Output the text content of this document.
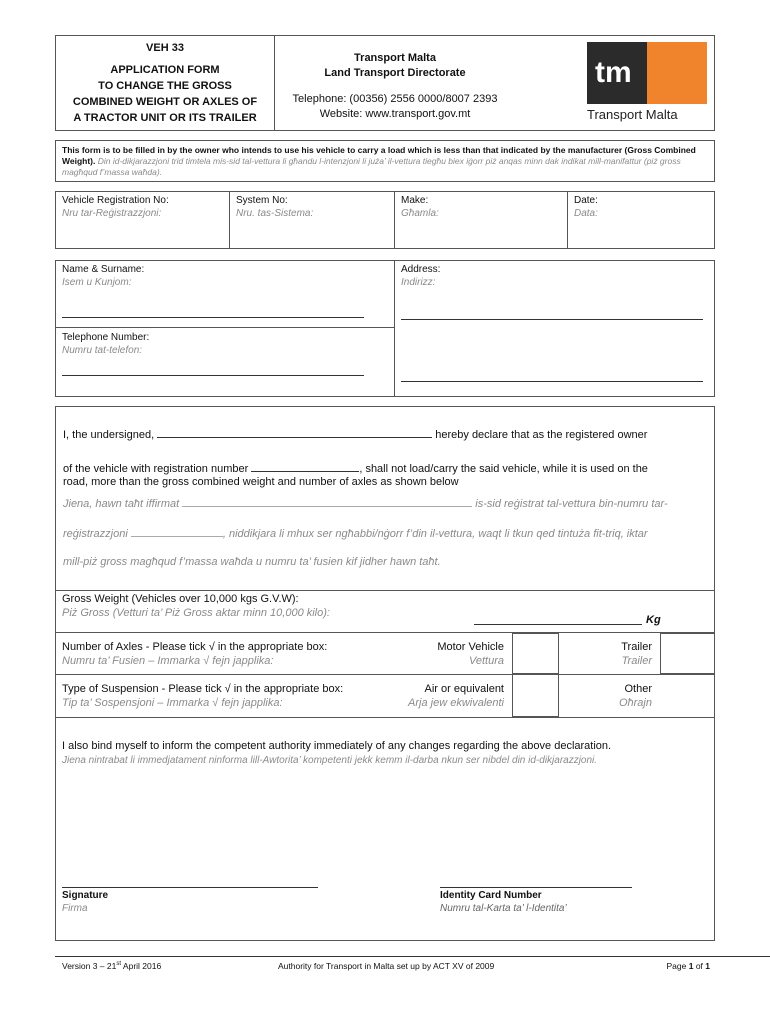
VEH 33
APPLICATION FORM
TO CHANGE THE GROSS
COMBINED WEIGHT OR AXLES OF
A TRACTOR UNIT OR ITS TRAILER
Transport Malta
Land Transport Directorate
Telephone: (00356) 2556 0000/8007 2393
Website: www.transport.gov.mt
tm
Transport Malta
This form is to be filled in by the owner who intends to use his vehicle to carry a load which is less than that indicated by the manufacturer (Gross Combined Weight). Din id-dikjarazzjoni trid timtela mis-sid tal-vettura li għandu l-intenzjoni li juża’ il-vettura tiegħu biex iġorr piż anqas minn dak indikat mill-manifattur (piż gross magħqud f’massa waħda).
Vehicle Registration No:
Nru tar-Reġistrazzjoni:
System No:
Nru. tas-Sistema:
Make:
Għamla:
Date:
Data:
Name & Surname:
Isem u Kunjom:
Telephone Number:
Numru tat-telefon:
Address:
Indirizz:
I, the undersigned,	hereby declare that as the registered owner
of the vehicle with registration number	, shall not load/carry the said vehicle, while it is used on the
road, more than the gross combined weight and number of axles as shown below
Jiena, hawn taħt iffirmat	is-sid reġistrat tal-vettura bin-numru tar-
reġistrazzjoni	, niddikjara li mhux ser ngħabbi/nġorr f’din il-vettura, waqt li tkun qed tintuża fit-triq, iktar
mill-piż gross magħqud f’massa waħda u numru ta’ fusien kif jidher hawn taħt.
Gross Weight (Vehicles over 10,000 kgs G.V.W):
Piż Gross (Vetturi ta’ Piż Gross aktar minn 10,000 kilo):
Kg
Number of Axles - Please tick √ in the appropriate box:
Numru ta’ Fusien – Immarka √ fejn japplika:
Motor Vehicle
Vettura
Trailer
Trailer
Type of Suspension - Please tick √ in the appropriate box:
Tip ta’ Sospensjoni – Immarka √ fejn japplika:
Air or equivalent
Arja jew ekwivalenti
Other
Oħrajn
I also bind myself to inform the competent authority immediately of any changes regarding the above declaration.
Jiena nintrabat li immedjatament ninforma lill-Awtorita’ kompetenti jekk kemm il-darba nkun ser nibdel din id-dikjarazzjoni.
Signature
Firma
Identity Card Number
Numru tal-Karta ta’ l-Identita’
Version 3 – 21st April 2016	Authority for Transport in Malta set up by ACT XV of 2009	Page 1 of 1
